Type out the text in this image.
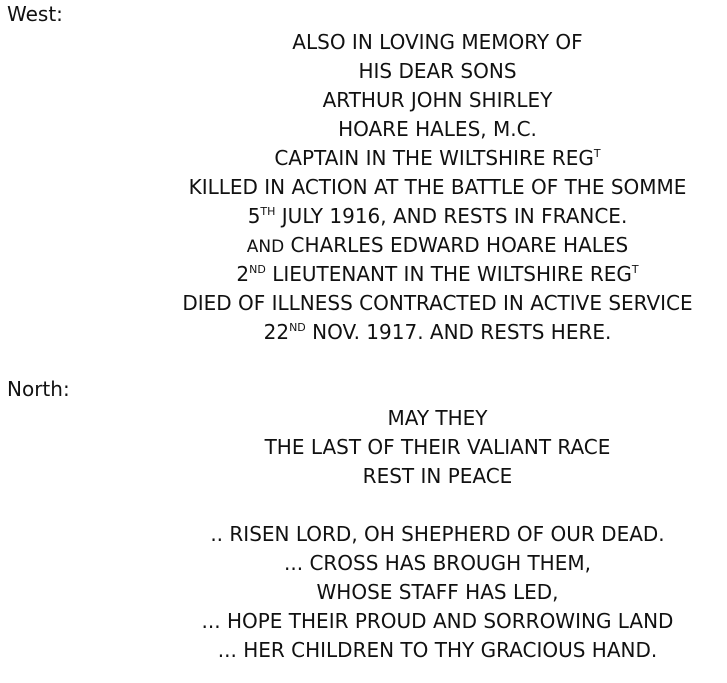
West:
ALSO IN LOVING MEMORY OF
HIS DEAR SONS
ARTHUR JOHN SHIRLEY
HOARE HALES, M.C.
CAPTAIN IN THE WILTSHIRE $REG^T$
KILLED IN ACTION AT THE BATTLE OF THE SOMME
5TH JULY 1916, AND RESTS IN FRANCE.
AND CHARLES EDWARD HOARE HALES
2ND LIEUTENANT IN THE WILTSHIRE $REG^T$
DIED OF ILLNESS CONTRACTED IN ACTIVE SERVICE
22ND NOV. 1917. AND RESTS HERE.
North:
MAY THEY
THE LAST OF THEIR VALIANT RACE
REST IN PEACE
.. RISEN LORD, OH SHEPHERD OF OUR DEAD.
... CROSS HAS BROUGH THEM,
WHOSE STAFF HAS LED,
... HOPE THEIR PROUD AND SORROWING LAND
... HER CHILDREN TO THY GRACIOUS HAND.
